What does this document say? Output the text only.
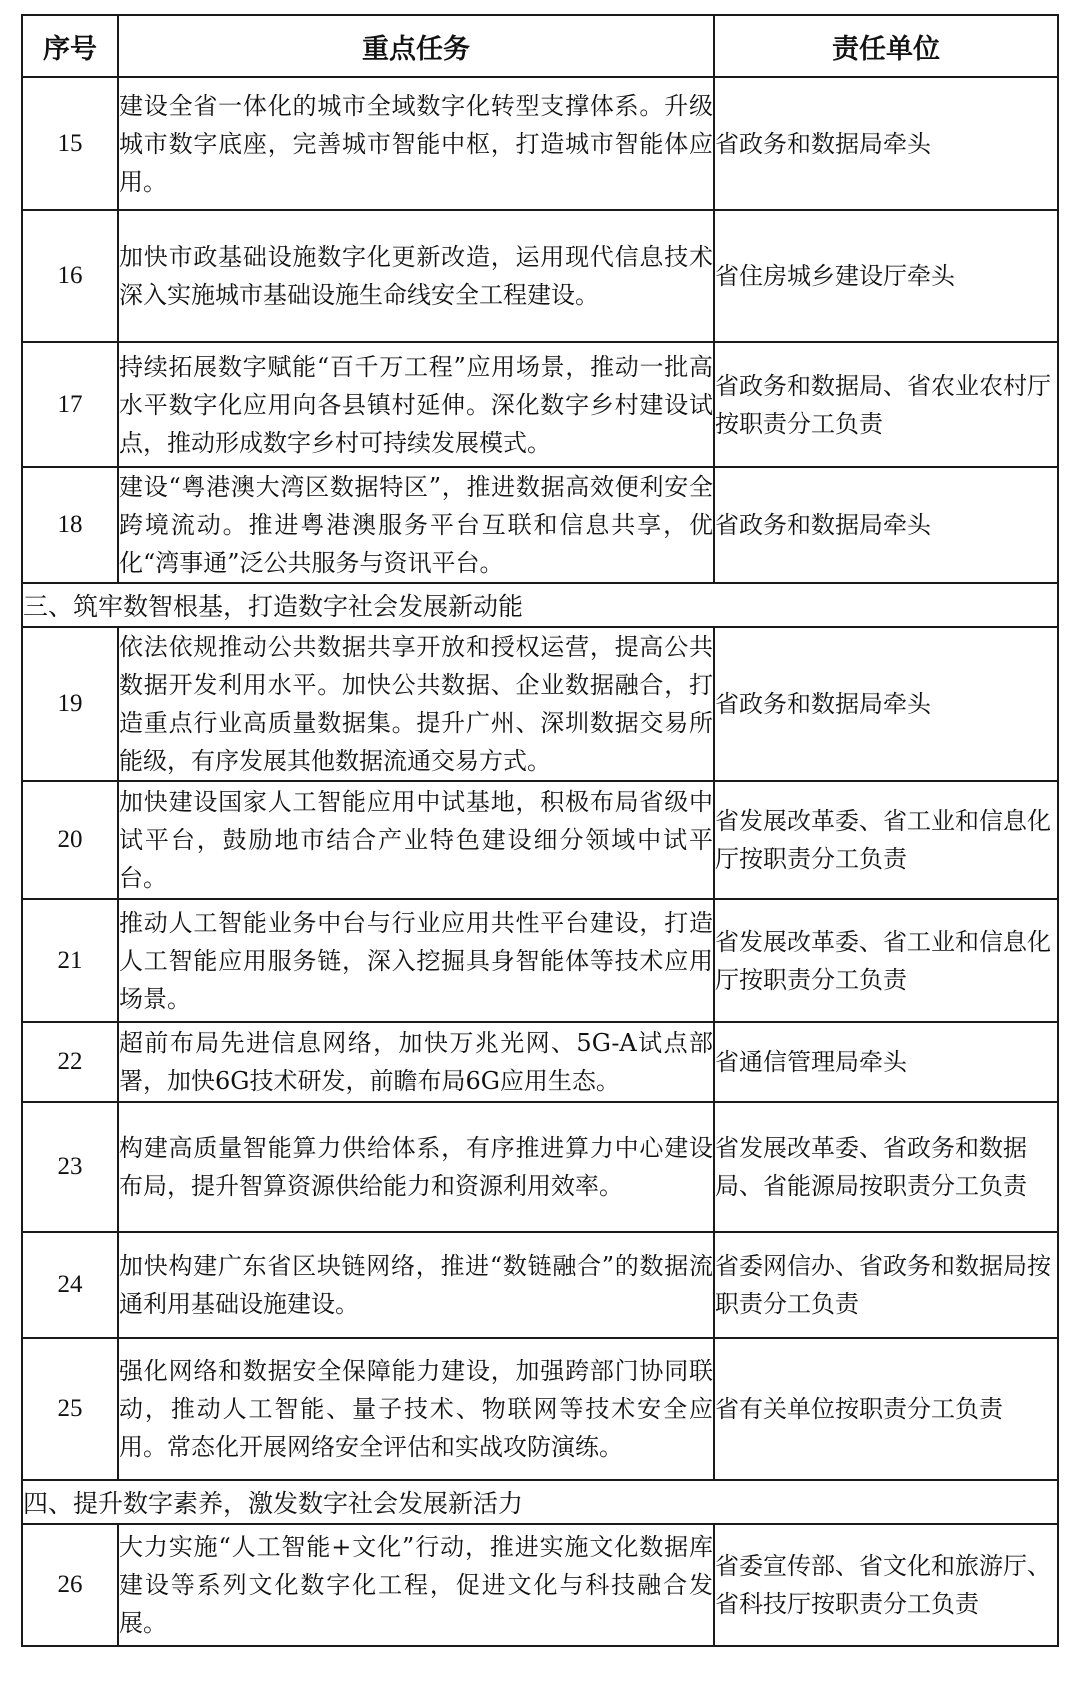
序号	重点任务	责任单位
15	建设全省一体化的城市全域数字化转型支撑体系。升级城市数字底座，完善城市智能中枢，打造城市智能体应用。	省政务和数据局牵头
16	加快市政基础设施数字化更新改造，运用现代信息技术深入实施城市基础设施生命线安全工程建设。	省住房城乡建设厅牵头
17	持续拓展数字赋能“百千万工程”应用场景，推动一批高水平数字化应用向各县镇村延伸。深化数字乡村建设试点，推动形成数字乡村可持续发展模式。	省政务和数据局、省农业农村厅按职责分工负责
18	建设“粤港澳大湾区数据特区”，推进数据高效便利安全跨境流动。推进粤港澳服务平台互联和信息共享，优化“湾事通”泛公共服务与资讯平台。	省政务和数据局牵头
三、筑牢数智根基，打造数字社会发展新动能		
19	依法依规推动公共数据共享开放和授权运营，提高公共数据开发利用水平。加快公共数据、企业数据融合，打造重点行业高质量数据集。提升广州、深圳数据交易所能级，有序发展其他数据流通交易方式。	省政务和数据局牵头
20	加快建设国家人工智能应用中试基地，积极布局省级中试平台，鼓励地市结合产业特色建设细分领域中试平台。	省发展改革委、省工业和信息化厅按职责分工负责
21	推动人工智能业务中台与行业应用共性平台建设，打造人工智能应用服务链，深入挖掘具身智能体等技术应用场景。	省发展改革委、省工业和信息化厅按职责分工负责
22	超前布局先进信息网络，加快万兆光网、5G-A试点部署，加快6G技术研发，前瞻布局6G应用生态。	省通信管理局牵头
23	构建高质量智能算力供给体系，有序推进算力中心建设布局，提升智算资源供给能力和资源利用效率。	省发展改革委、省政务和数据局、省能源局按职责分工负责
24	加快构建广东省区块链网络，推进“数链融合”的数据流通利用基础设施建设。	省委网信办、省政务和数据局按职责分工负责
25	强化网络和数据安全保障能力建设，加强跨部门协同联动，推动人工智能、量子技术、物联网等技术安全应用。常态化开展网络安全评估和实战攻防演练。	省有关单位按职责分工负责
四、提升数字素养，激发数字社会发展新活力		
26	大力实施“人工智能+文化”行动，推进实施文化数据库建设等系列文化数字化工程，促进文化与科技融合发展。	省委宣传部、省文化和旅游厅、省科技厅按职责分工负责
